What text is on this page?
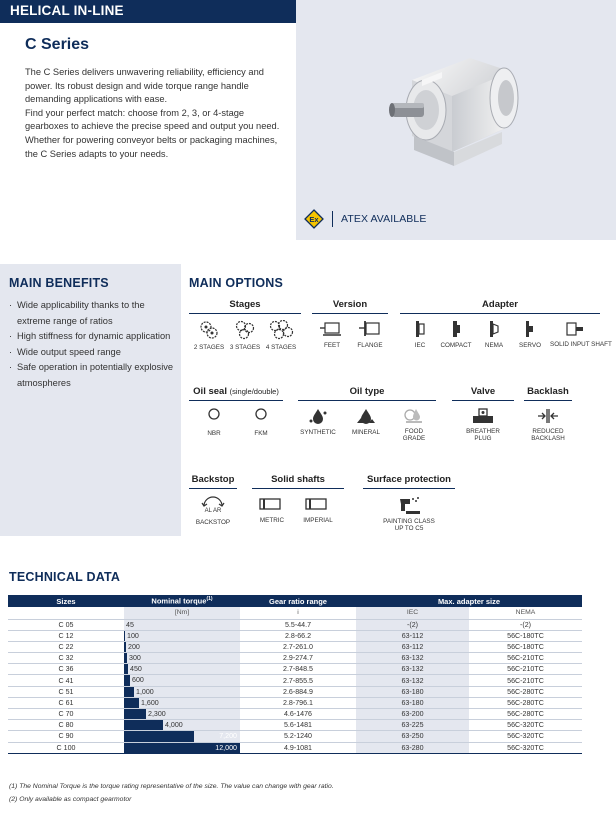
HELICAL IN-LINE
C Series

The C Series delivers unwavering reliability, efficiency and power. Its robust design and wide torque range handle demanding applications with ease.

Find your perfect match: choose from 2, 3, or 4-stage gearboxes to achieve the precise speed and output you need. Whether for powering conveyor belts or packaging machines, the C Series adapts to your needs.

Ex ATEX AVAILABLE
MAIN BENEFITS
· Wide applicability thanks to the extreme range of ratios
· High stiffness for dynamic application
· Wide output speed range
· Safe operation in potentially explosive atmospheres
MAIN OPTIONS
Stages
2 STAGES 3 STAGES 4 STAGES
Version
FEET	FLANGE
Adapter
IEC	COMPACT	NEMA	SERVO	SOLID INPUT SHAFT
Oil seal (single/double)
NBR	FKM
Oil type
SYNTHETIC	MINERAL	FOOD GRADE
Valve
BREATHER PLUG
Backlash
REDUCED BACKLASH
Backstop
AL AR
BACKSTOP
Solid shafts
METRIC	IMPERIAL
Surface protection
PAINTING CLASS UP TO C5
TECHNICAL DATA
Sizes	Nominal torque$^{(1)}$	Gear ratio range	Max. adapter size	
	[Nm]	i	IEC	NEMA
C 05	45	5.5-44.7	-(2)	-(2)
C 12	100	2.8-66.2	63-112	56C-180TC
C 22	200	2.7-261.0	63-112	56C-180TC
C 32	300	2.9-274.7	63-132	56C-210TC
C 36	450	2.7-848.5	63-132	56C-210TC
C 41	600	2.7-855.5	63-132	56C-210TC
C 51	1,000	2.6-884.9	63-180	56C-280TC
C 61	1,600	2.8-796.1	63-180	56C-280TC
C 70	2,300	4.6-1476	63-200	56C-280TC
C 80	4,000	5.6-1481	63-225	56C-320TC
C 90	7,200	5.2-1240	63-250	56C-320TC
C 100	12,000	4.9-1081	63-280	56C-320TC
(1) The Nominal Torque is the torque rating representative of the size. The value can change with gear ratio.
(2) Only available as compact gearmotor
